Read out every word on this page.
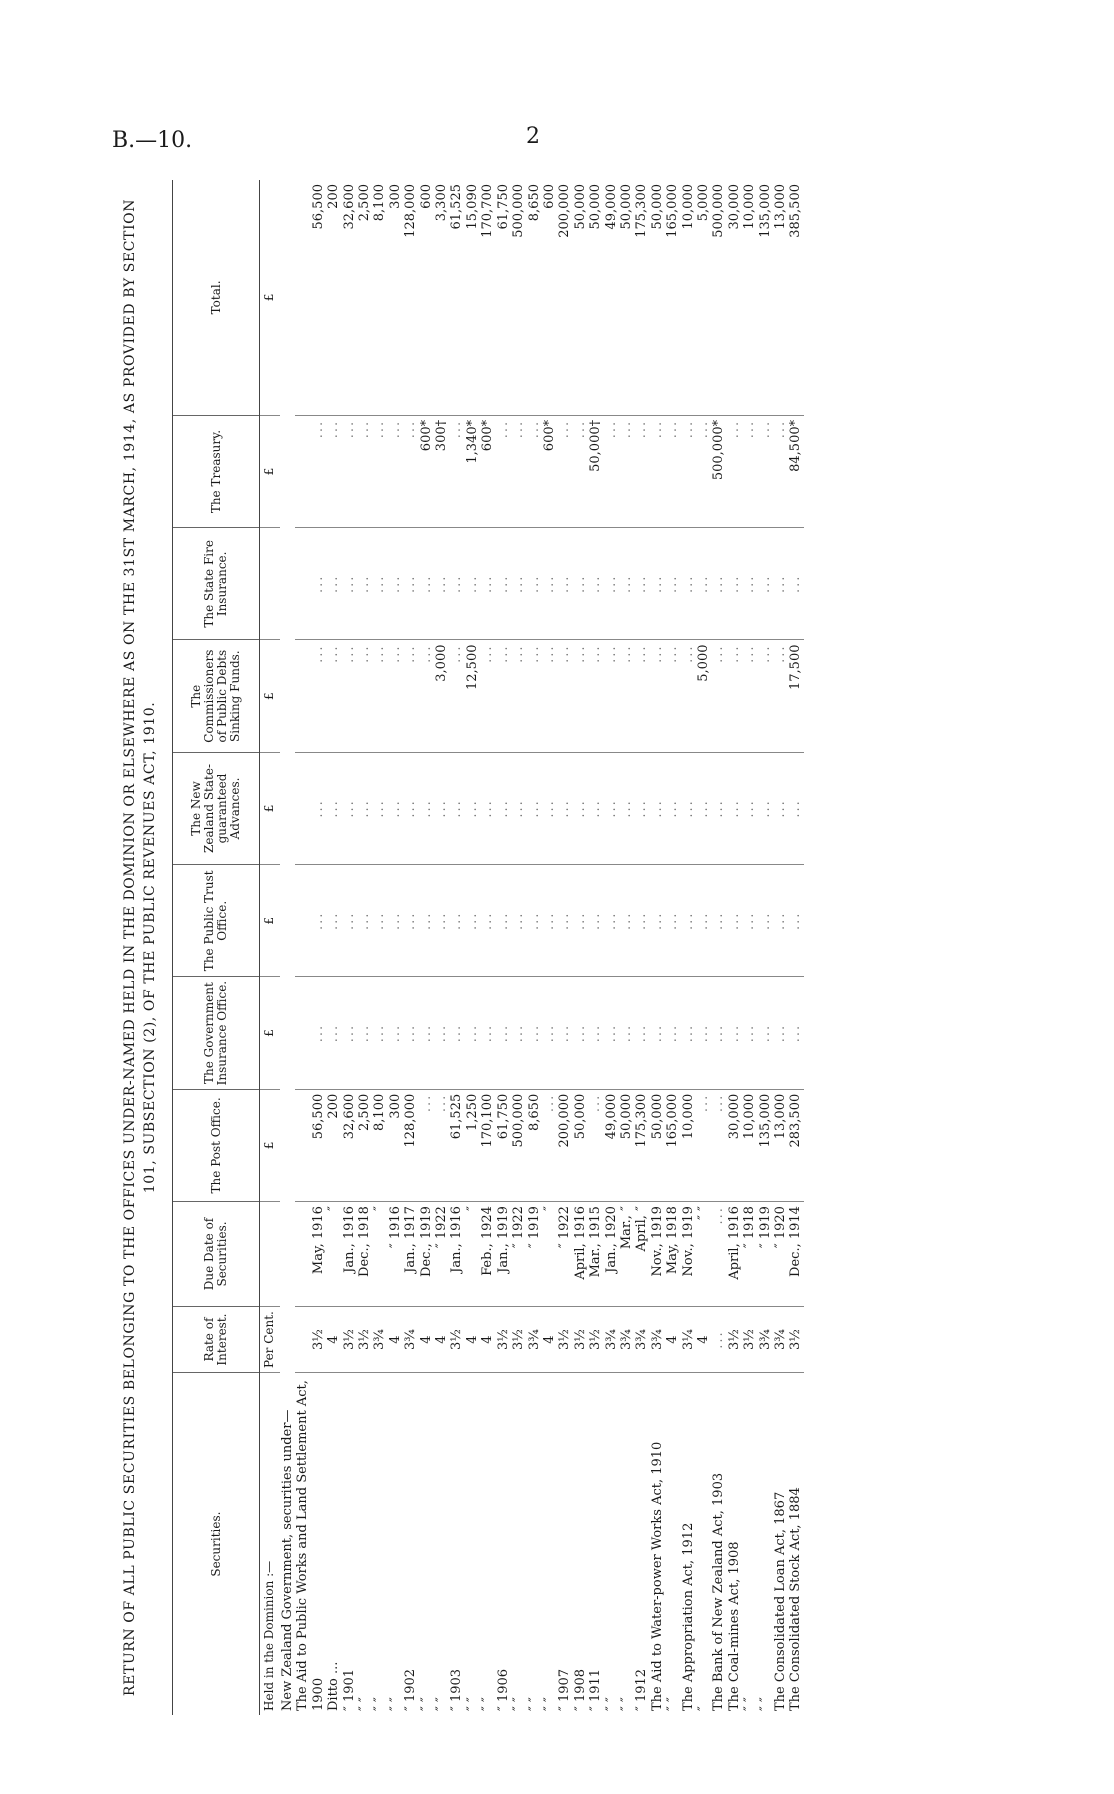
B.—10.	2
RETURN OF ALL PUBLIC SECURITIES BELONGING TO THE OFFICES UNDER-NAMED HELD IN THE DOMINION OR ELSEWHERE AS ON THE 31ST MARCH, 1914, AS PROVIDED BY SECTION 101, SUBSECTION (2), OF THE PUBLIC REVENUES ACT, 1910.
Securities.	Rate of Interest.	Due Date of Securities.	The Post Office.	The Government Insurance Office.	The Public Trust Office.	The New Zealand State-guaranteed Advances.	The Commissioners of Public Debts Sinking Funds.	The State Fire Insurance.	The Treasury.	Total.
Held in the Dominion :—	Per Cent.		£	£	£	£	£		£	£
New Zealand Government, securities under—										
The Aid to Public Works and Land Settlement Act,										
1900	3½	May, 1916	56,500	...	...	...	...	...	...	56,500
Ditto ...	4	″	200	...	...	...	...	...	...	200
″ 1901	3½	Jan., 1916	32,600	...	...	...	...	...	...	32,600
″ ″	3½	Dec., 1918	2,500	...	...	...	...	...	...	2,500
″ ″	3¾	″	8,100	...	...	...	...	...	...	8,100
″ ″	4	″ 1916	300	...	...	...	...	...	...	300
″ 1902	3¾	Jan., 1917	128,000	...	...	...	...	...	...	128,000
″ ″	4	Dec., 1919	...	...	...	...	...	...	600*	600
″ ″	4	″ 1922	...	...	...	...	3,000	...	300†	3,300
″ 1903	3½	Jan., 1916	61,525	...	...	...	...	...	...	61,525
″ ″	4	″	1,250	...	...	...	12,500	...	1,340*	15,090
″ ″	4	Feb., 1924	170,100	...	...	...	...	...	600*	170,700
″ 1906	3½	Jan., 1919	61,750	...	...	...	...	...	...	61,750
″ ″	3½	″ 1922	500,000	...	...	...	...	...	...	500,000
″ ″	3¾	″ 1919	8,650	...	...	...	...	...	...	8,650
″ ″	4	″	...	...	...	...	...	...	600*	600
″ 1907	3½	″ 1922	200,000	...	...	...	...	...	...	200,000
″ 1908	3½	April, 1916	50,000	...	...	...	...	...	...	50,000
″ 1911	3½	Mar., 1915	...	...	...	...	...	...	50,000†	50,000
″ ″	3¾	Jan., 1920	49,000	...	...	...	...	...	...	49,000
″ ″	3¾	Mar., ″	50,000	...	...	...	...	...	...	50,000
″ 1912	3¾	April, ″	175,300	...	...	...	...	...	...	175,300
The Aid to Water-power Works Act, 1910	3¾	Nov., 1919	50,000	...	...	...	...	...	...	50,000
″ ″	4	May, 1918	165,000	...	...	...	...	...	...	165,000
The Appropriation Act, 1912	3¼	Nov., 1919	10,000	...	...	...	...	...	...	10,000
″	4	″ ″	...	...	...	...	5,000	...	...	5,000
The Bank of New Zealand Act, 1903	...	...	...	...	...	...	...	...	500,000*	500,000
The Coal-mines Act, 1908	3½	April, 1916	30,000	...	...	...	...	...	...	30,000
″ ″	3½	″ 1918	10,000	...	...	...	...	...	...	10,000
″ ″	3¾	″ 1919	135,000	...	...	...	...	...	...	135,000
The Consolidated Loan Act, 1867	3¾	″ 1920	13,000	...	...	...	...	...	...	13,000
The Consolidated Stock Act, 1884	3½	Dec., 1914	283,500	...	...	...	17,500	...	84,500*	385,500
